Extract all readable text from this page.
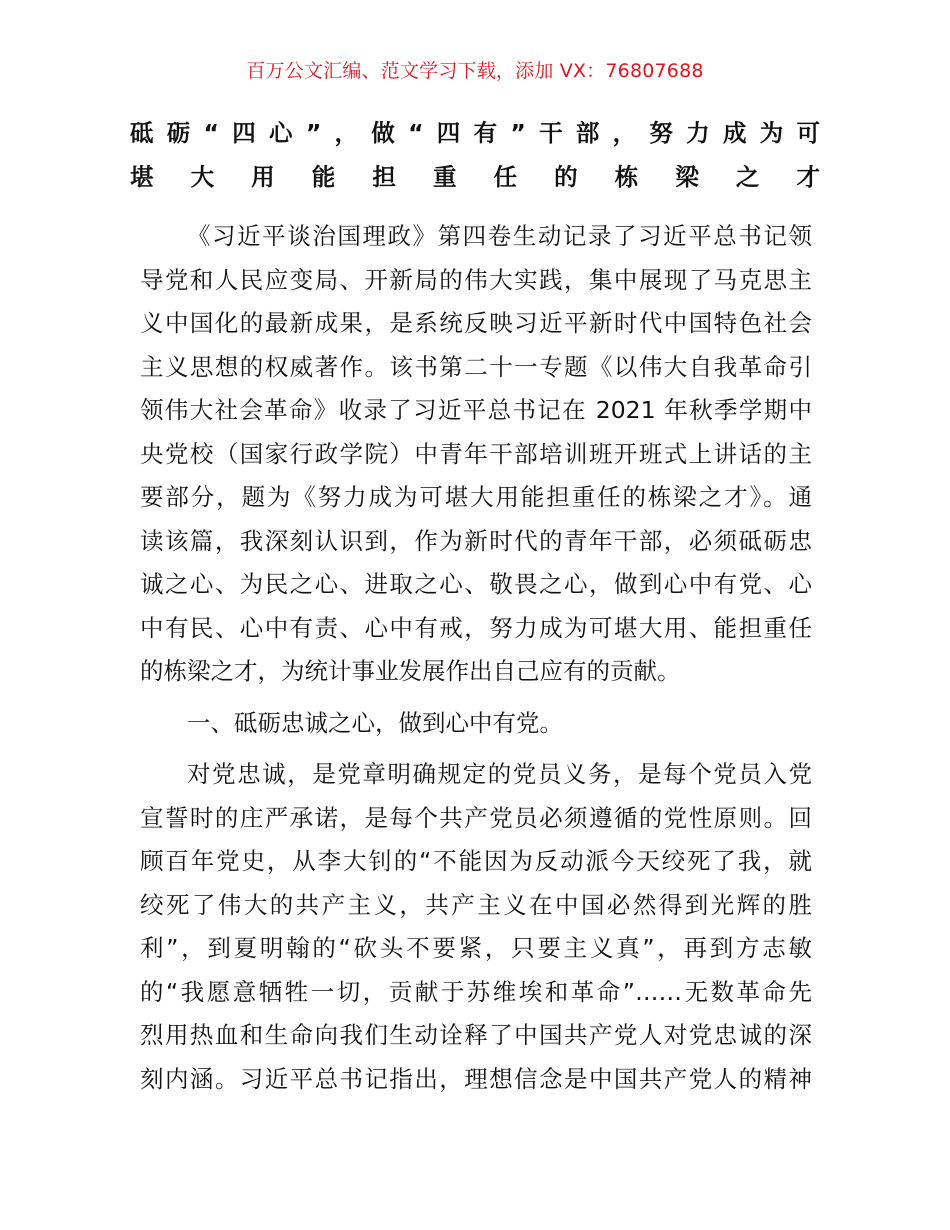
百万公文汇编、范文学习下载，添加 VX：76807688
砥砺“四心”，做“四有”干部，努力成为可
堪大用能担重任的栋梁之才
《习近平谈治国理政》第四卷生动记录了习近平总书记领
导党和人民应变局、开新局的伟大实践，集中展现了马克思主
义中国化的最新成果，是系统反映习近平新时代中国特色社会
主义思想的权威著作。该书第二十一专题《以伟大自我革命引
领伟大社会革命》收录了习近平总书记在 2021 年秋季学期中
央党校（国家行政学院）中青年干部培训班开班式上讲话的主
要部分，题为《努力成为可堪大用能担重任的栋梁之才》。通
读该篇，我深刻认识到，作为新时代的青年干部，必须砥砺忠
诚之心、为民之心、进取之心、敬畏之心，做到心中有党、心
中有民、心中有责、心中有戒，努力成为可堪大用、能担重任
的栋梁之才，为统计事业发展作出自己应有的贡献。
一、砥砺忠诚之心，做到心中有党。
对党忠诚，是党章明确规定的党员义务，是每个党员入党
宣誓时的庄严承诺，是每个共产党员必须遵循的党性原则。回
顾百年党史，从李大钊的“不能因为反动派今天绞死了我，就
绞死了伟大的共产主义，共产主义在中国必然得到光辉的胜
利”，到夏明翰的“砍头不要紧，只要主义真”，再到方志敏
的“我愿意牺牲一切，贡献于苏维埃和革命”……无数革命先
烈用热血和生命向我们生动诠释了中国共产党人对党忠诚的深
刻内涵。习近平总书记指出，理想信念是中国共产党人的精神
